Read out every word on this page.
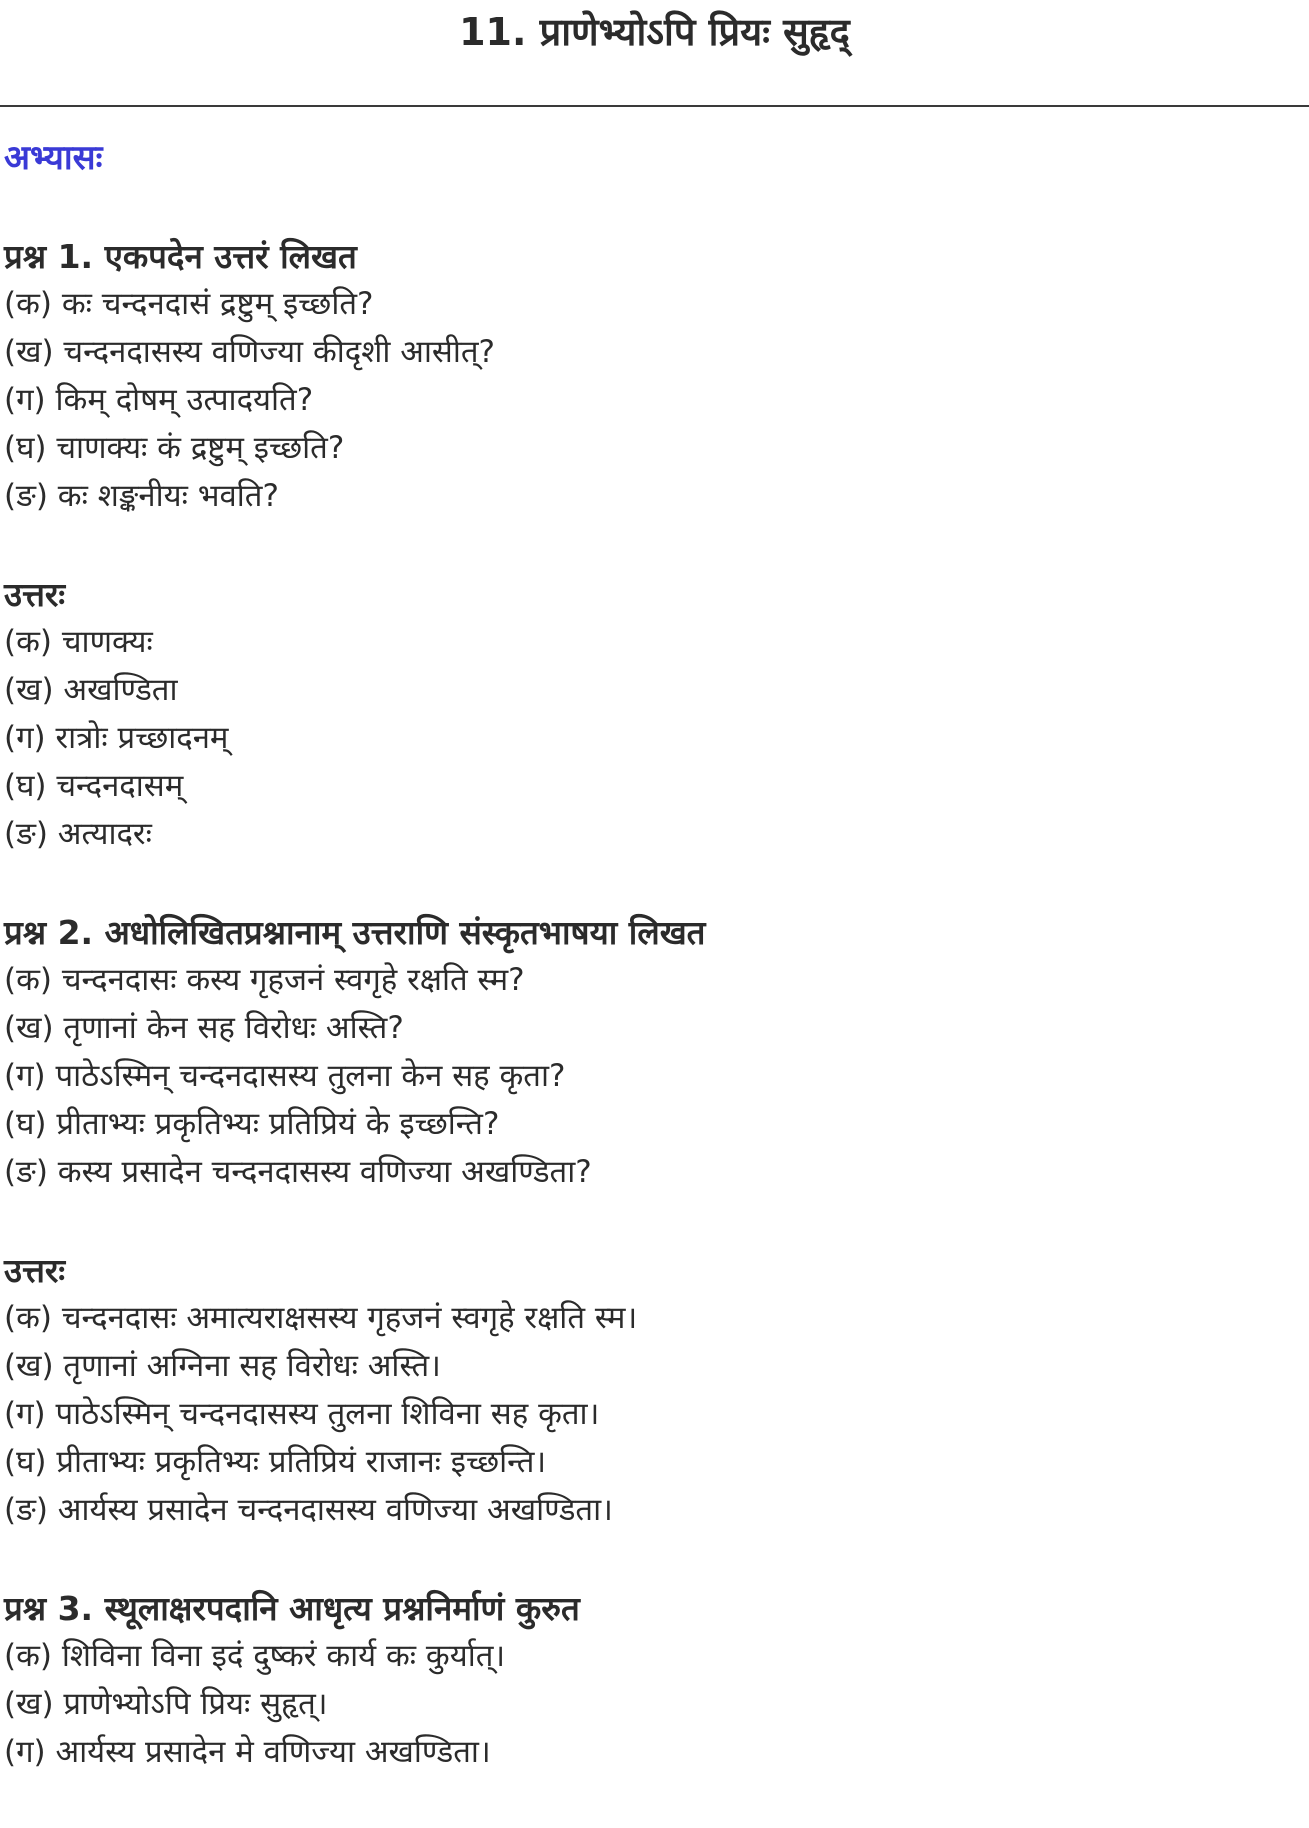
11. प्राणेभ्योऽपि प्रियः सुहृद्
अभ्यासः
प्रश्न 1. एकपदेन उत्तरं लिखत
(क) कः चन्दनदासं द्रष्टुम् इच्छति?
(ख) चन्दनदासस्य वणिज्या कीदृशी आसीत्?
(ग) किम् दोषम् उत्पादयति?
(घ) चाणक्यः कं द्रष्टुम् इच्छति?
(ङ) कः शङ्कनीयः भवति?
उत्तरः
(क) चाणक्यः
(ख) अखण्डिता
(ग) रात्रोः प्रच्छादनम्
(घ) चन्दनदासम्
(ङ) अत्यादरः
प्रश्न 2. अधोलिखितप्रश्नानाम् उत्तराणि संस्कृतभाषया लिखत
(क) चन्दनदासः कस्य गृहजनं स्वगृहे रक्षति स्म?
(ख) तृणानां केन सह विरोधः अस्ति?
(ग) पाठेऽस्मिन् चन्दनदासस्य तुलना केन सह कृता?
(घ) प्रीताभ्यः प्रकृतिभ्यः प्रतिप्रियं के इच्छन्ति?
(ङ) कस्य प्रसादेन चन्दनदासस्य वणिज्या अखण्डिता?
उत्तरः
(क) चन्दनदासः अमात्यराक्षसस्य गृहजनं स्वगृहे रक्षति स्म।
(ख) तृणानां अग्निना सह विरोधः अस्ति।
(ग) पाठेऽस्मिन् चन्दनदासस्य तुलना शिविना सह कृता।
(घ) प्रीताभ्यः प्रकृतिभ्यः प्रतिप्रियं राजानः इच्छन्ति।
(ङ) आर्यस्य प्रसादेन चन्दनदासस्य वणिज्या अखण्डिता।
प्रश्न 3. स्थूलाक्षरपदानि आधृत्य प्रश्ननिर्माणं कुरुत
(क) शिविना विना इदं दुष्करं कार्य कः कुर्यात्।
(ख) प्राणेभ्योऽपि प्रियः सुहृत्।
(ग) आर्यस्य प्रसादेन मे वणिज्या अखण्डिता।
